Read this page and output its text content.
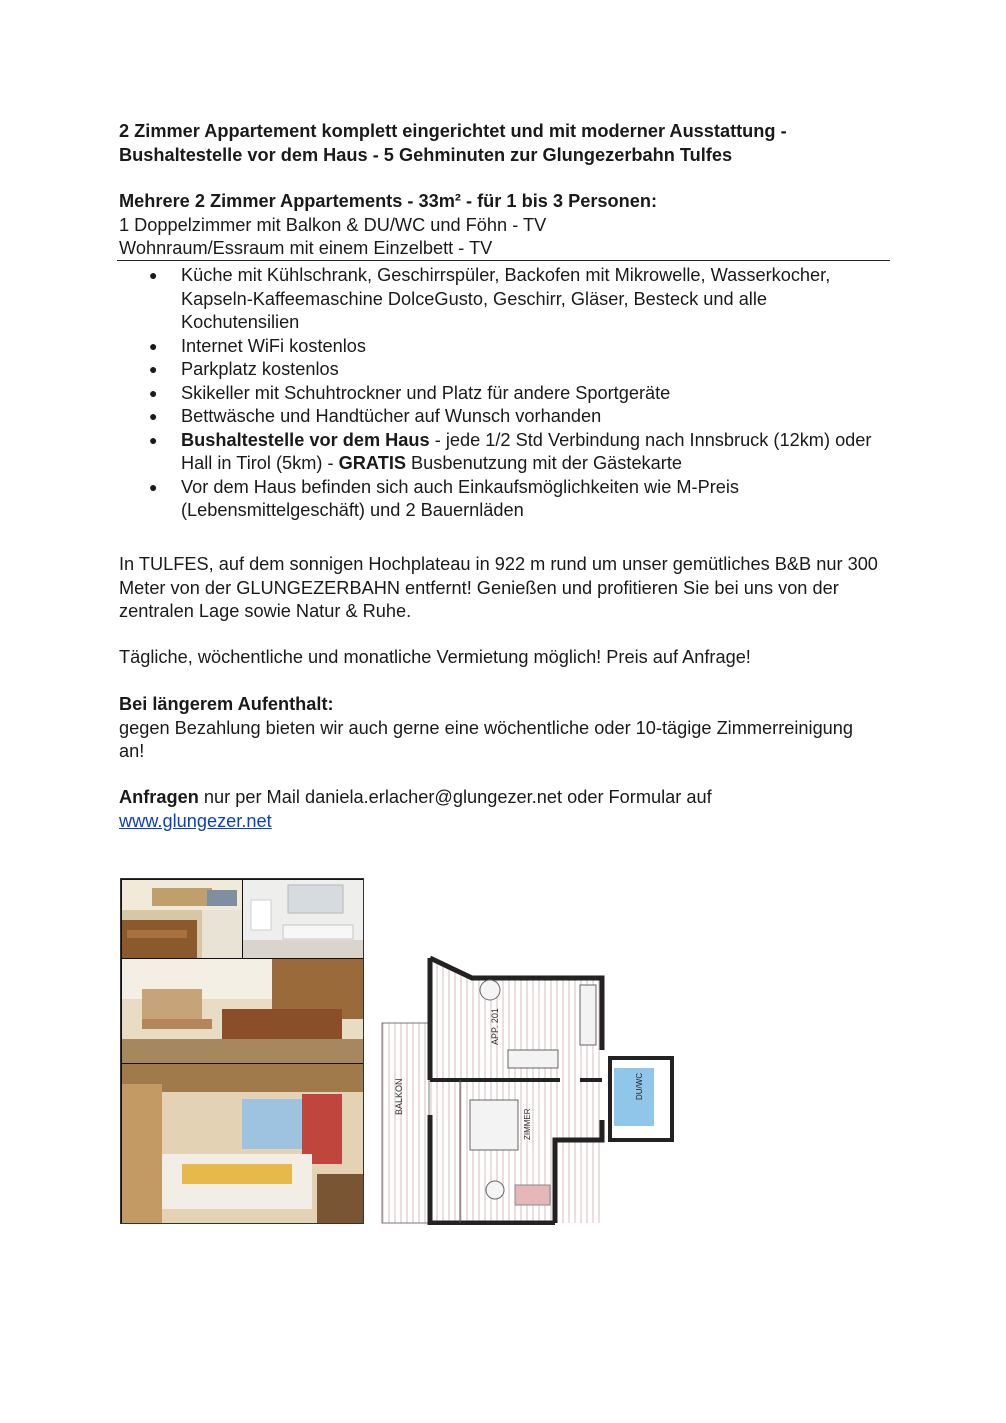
2 Zimmer Appartement komplett eingerichtet und mit moderner Ausstattung -
Bushaltestelle vor dem Haus - 5 Gehminuten zur Glungezerbahn Tulfes
Mehrere 2 Zimmer Appartements - 33m² - für 1 bis 3 Personen:
1 Doppelzimmer mit Balkon & DU/WC und Föhn - TV
Wohnraum/Essraum mit einem Einzelbett - TV
● Küche mit Kühlschrank, Geschirrspüler, Backofen mit Mikrowelle, Wasserkocher, Kapseln-Kaffeemaschine DolceGusto, Geschirr, Gläser, Besteck und alle Kochutensilien
● Internet WiFi kostenlos
● Parkplatz kostenlos
● Skikeller mit Schuhtrockner und Platz für andere Sportgeräte
● Bettwäsche und Handtücher auf Wunsch vorhanden
● Bushaltestelle vor dem Haus - jede 1/2 Std Verbindung nach Innsbruck (12km) oder Hall in Tirol (5km) - GRATIS Busbenutzung mit der Gästekarte
● Vor dem Haus befinden sich auch Einkaufsmöglichkeiten wie M-Preis (Lebensmittelgeschäft) und 2 Bauernläden
In TULFES, auf dem sonnigen Hochplateau in 922 m rund um unser gemütliches B&B nur 300 Meter von der GLUNGEZERBAHN entfernt! Genießen und profitieren Sie bei uns von der zentralen Lage sowie Natur & Ruhe.
Tägliche, wöchentliche und monatliche Vermietung möglich! Preis auf Anfrage!
Bei längerem Aufenthalt:
gegen Bezahlung bieten wir auch gerne eine wöchentliche oder 10-tägige Zimmerreinigung an!
Anfragen nur per Mail daniela.erlacher@glungezer.net oder Formular auf
www.glungezer.net
BALKON	DU/WC
APP. 201
ZIMMER
